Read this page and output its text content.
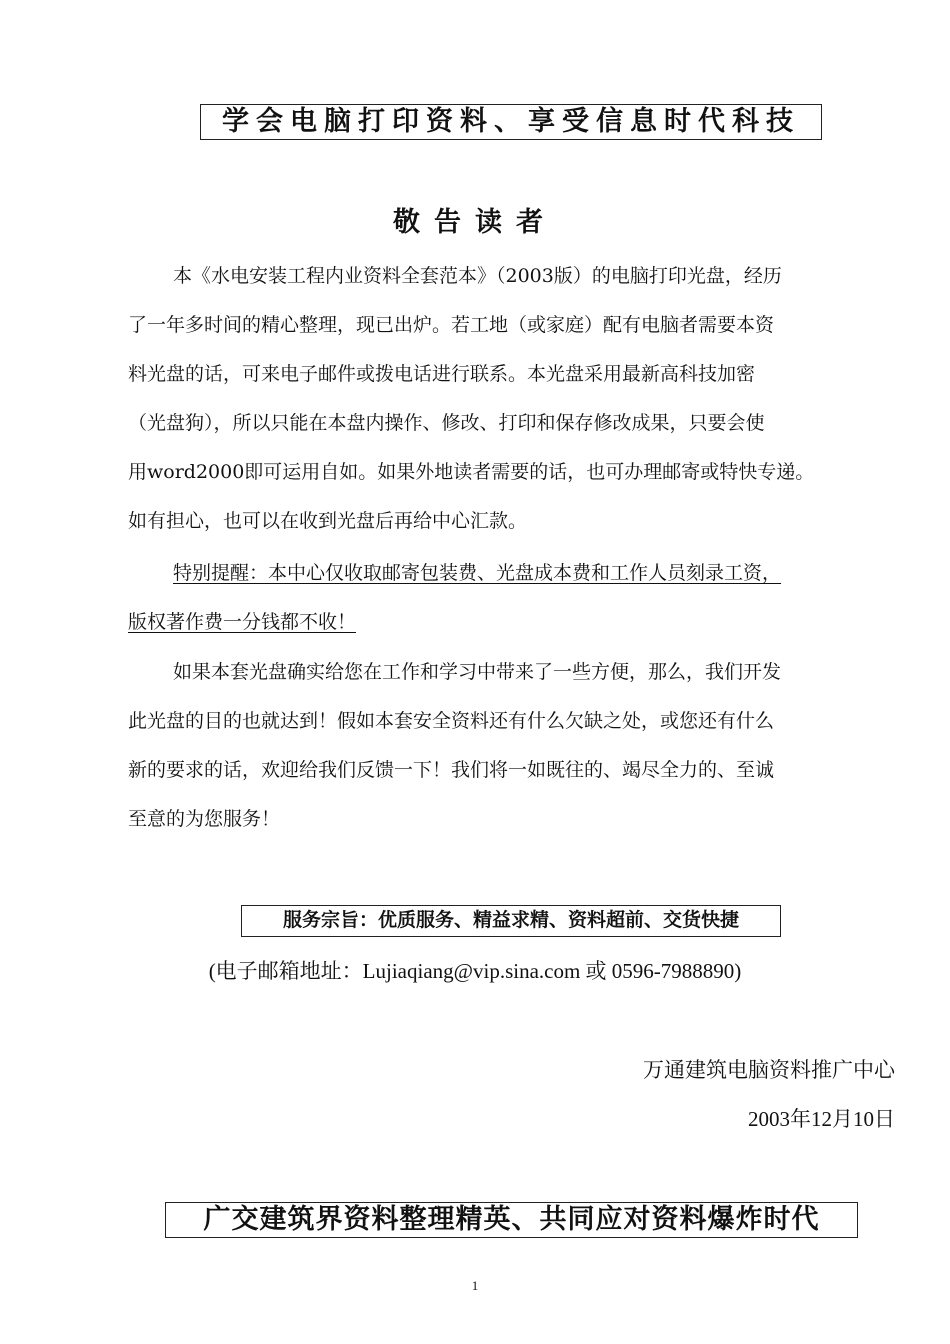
学会电脑打印资料、享受信息时代科技
敬告读者
本《水电安装工程内业资料全套范本》（2003版）的电脑打印光盘，经历
了一年多时间的精心整理，现已出炉。若工地（或家庭）配有电脑者需要本资
料光盘的话，可来电子邮件或拨电话进行联系。本光盘采用最新高科技加密
（光盘狗），所以只能在本盘内操作、修改、打印和保存修改成果，只要会使
用word2000即可运用自如。如果外地读者需要的话，也可办理邮寄或特快专递。
如有担心，也可以在收到光盘后再给中心汇款。
特别提醒：本中心仅收取邮寄包装费、光盘成本费和工作人员刻录工资，
版权著作费一分钱都不收！
如果本套光盘确实给您在工作和学习中带来了一些方便，那么，我们开发
此光盘的目的也就达到！假如本套安全资料还有什么欠缺之处，或您还有什么
新的要求的话，欢迎给我们反馈一下！我们将一如既往的、竭尽全力的、至诚
至意的为您服务！
服务宗旨：优质服务、精益求精、资料超前、交货快捷
(电子邮箱地址：Lujiaqiang@vip.sina.com 或 0596-7988890)
万通建筑电脑资料推广中心
2003年12月10日
广交建筑界资料整理精英、共同应对资料爆炸时代
1
